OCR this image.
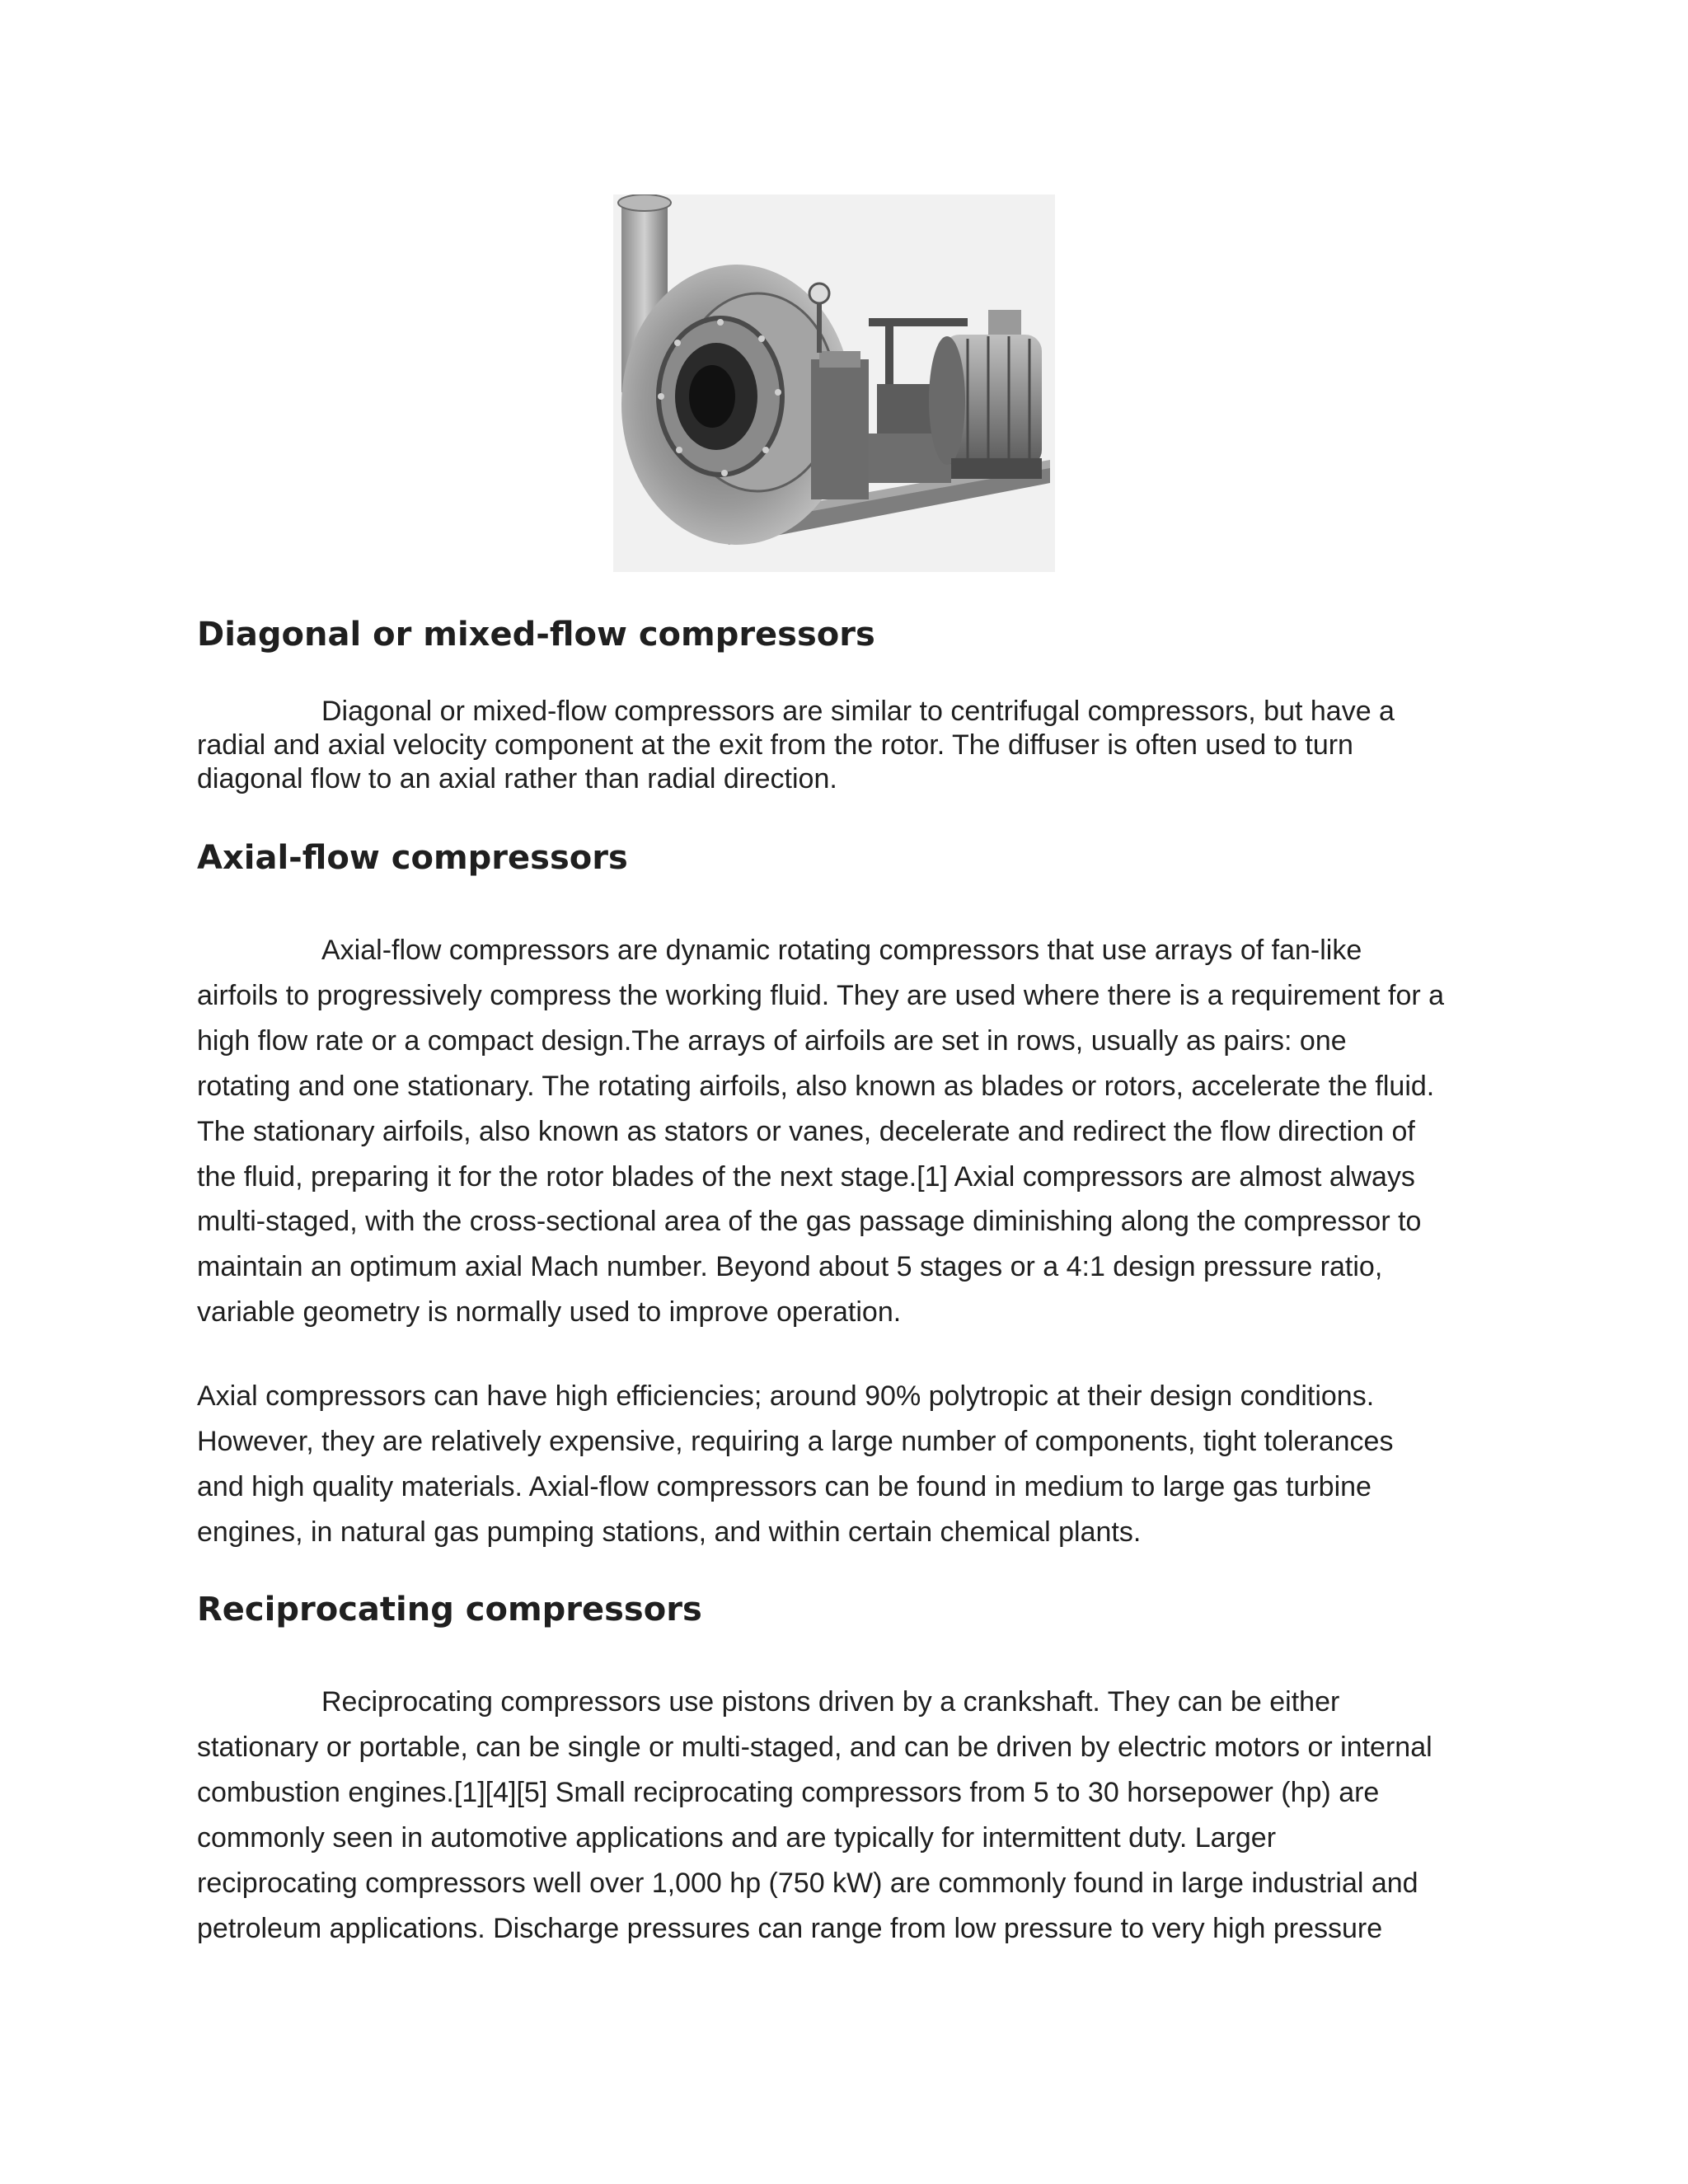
Diagonal or mixed-flow compressors
Diagonal or mixed-flow compressors are similar to centrifugal compressors, but have a
radial and axial velocity component at the exit from the rotor. The diffuser is often used to turn
diagonal flow to an axial rather than radial direction.
Axial-flow compressors
Axial-flow compressors are dynamic rotating compressors that use arrays of fan-like
airfoils to progressively compress the working fluid. They are used where there is a requirement for a
high flow rate or a compact design.The arrays of airfoils are set in rows, usually as pairs: one
rotating and one stationary. The rotating airfoils, also known as blades or rotors, accelerate the fluid.
The stationary airfoils, also known as stators or vanes, decelerate and redirect the flow direction of
the fluid, preparing it for the rotor blades of the next stage.[1] Axial compressors are almost always
multi-staged, with the cross-sectional area of the gas passage diminishing along the compressor to
maintain an optimum axial Mach number. Beyond about 5 stages or a 4:1 design pressure ratio,
variable geometry is normally used to improve operation.
Axial compressors can have high efficiencies; around 90% polytropic at their design conditions.
However, they are relatively expensive, requiring a large number of components, tight tolerances
and high quality materials. Axial-flow compressors can be found in medium to large gas turbine
engines, in natural gas pumping stations, and within certain chemical plants.
Reciprocating compressors
Reciprocating compressors use pistons driven by a crankshaft. They can be either
stationary or portable, can be single or multi-staged, and can be driven by electric motors or internal
combustion engines.[1][4][5] Small reciprocating compressors from 5 to 30 horsepower (hp) are
commonly seen in automotive applications and are typically for intermittent duty. Larger
reciprocating compressors well over 1,000 hp (750 kW) are commonly found in large industrial and
petroleum applications. Discharge pressures can range from low pressure to very high pressure
